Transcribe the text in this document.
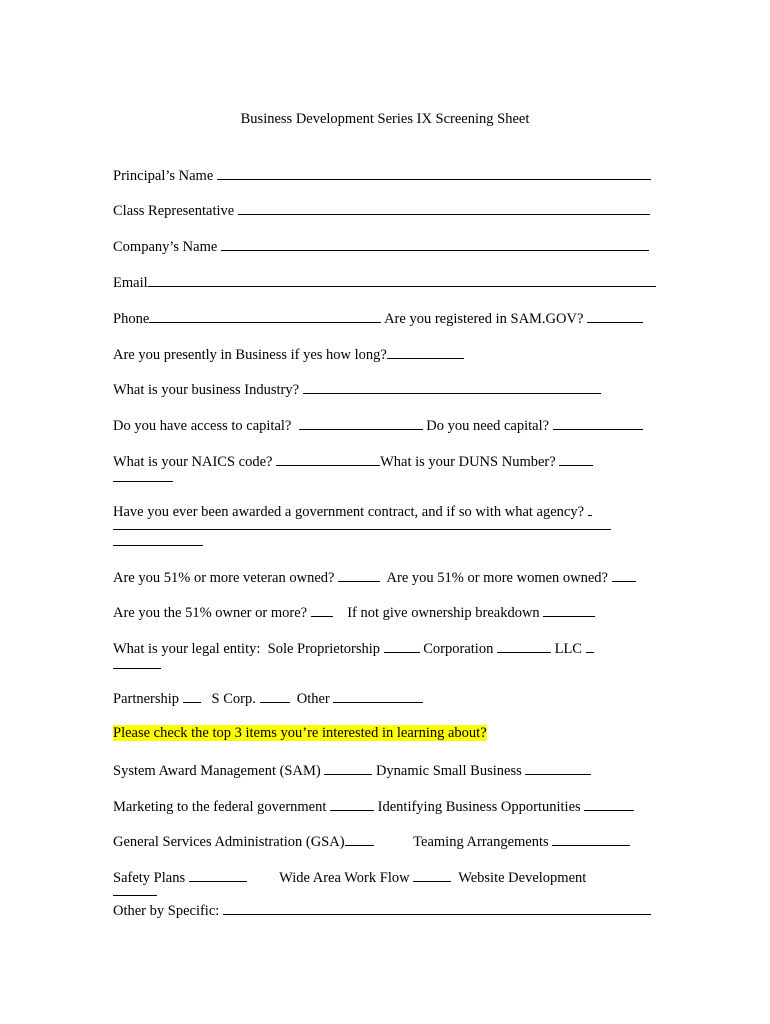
Business Development Series IX Screening Sheet
Principal’s Name
Class Representative
Company’s Name
Email
Phone	Are you registered in SAM.GOV?
Are you presently in Business if yes how long?
What is your business Industry?
Do you have access to capital?	Do you need capital?
What is your NAICS code?	What is your DUNS Number?
Have you ever been awarded a government contract, and if so with what agency?
Are you 51% or more veteran owned?	Are you 51% or more women owned?
Are you the 51% owner or more?	If not give ownership breakdown
What is your legal entity: Sole Proprietorship	Corporation	LLC
Partnership S Corp.	Other
Please check the top 3 items you’re interested in learning about?
System Award Management (SAM)	Dynamic Small Business
Marketing to the federal government	Identifying Business Opportunities
General Services Administration (GSA)	Teaming Arrangements
Safety Plans	Wide Area Work Flow	Website Development
Other by Specific:
